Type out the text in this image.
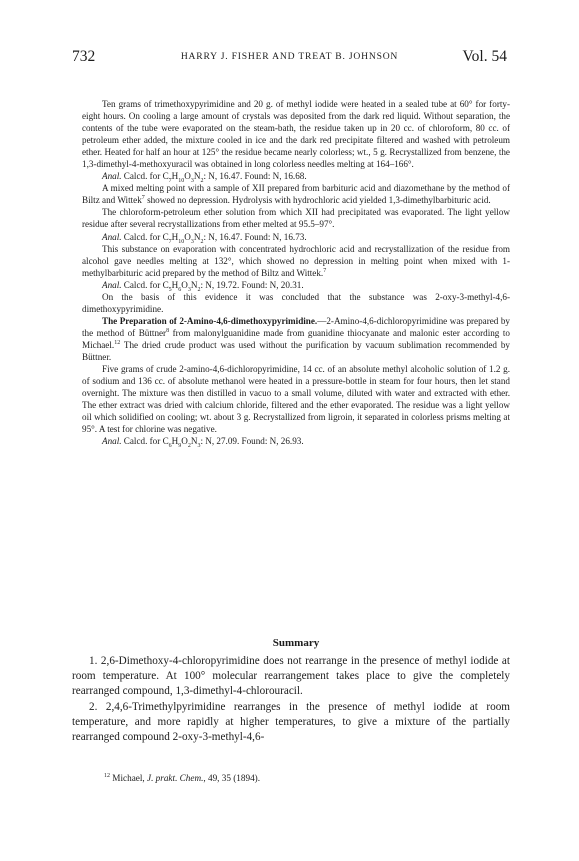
732	HARRY J. FISHER AND TREAT B. JOHNSON	Vol. 54

Ten grams of trimethoxypyrimidine and 20 g. of methyl iodide were heated in a sealed tube at 60° for forty-eight hours. On cooling a large amount of crystals was deposited from the dark red liquid. Without separation, the contents of the tube were evaporated on the steam-bath, the residue taken up in 20 cc. of chloroform, 80 cc. of petroleum ether added, the mixture cooled in ice and the dark red precipitate filtered and washed with petroleum ether. Heated for half an hour at 125° the residue became nearly colorless; wt., 5 g. Recrystallized from benzene, the 1,3-dimethyl-4-methoxyuracil was obtained in long colorless needles melting at 164–166°.

Anal. Calcd. for $C_7H_{10}O_3N_2$: N, 16.47. Found: N, 16.68.

A mixed melting point with a sample of XII prepared from barbituric acid and diazomethane by the method of Biltz and Wittek$^7$ showed no depression. Hydrolysis with hydrochloric acid yielded 1,3-dimethylbarbituric acid.

The chloroform-petroleum ether solution from which XII had precipitated was evaporated. The light yellow residue after several recrystallizations from ether melted at 95.5–97°.

Anal. Calcd. for $C_7H_{10}O_3N_2$: N, 16.47. Found: N, 16.73.

This substance on evaporation with concentrated hydrochloric acid and recrystallization of the residue from alcohol gave needles melting at 132°, which showed no depression in melting point when mixed with 1-methylbarbituric acid prepared by the method of Biltz and Wittek.$^7$

Anal. Calcd. for $C_5H_6O_3N_2$: N, 19.72. Found: N, 20.31.

On the basis of this evidence it was concluded that the substance was 2-oxy-3-methyl-4,6-dimethoxypyrimidine.

The Preparation of 2-Amino-4,6-dimethoxypyrimidine.—2-Amino-4,6-dichloropyrimidine was prepared by the method of Büttner$^8$ from malonylguanidine made from guanidine thiocyanate and malonic ester according to Michael.$^{12}$ The dried crude product was used without the purification by vacuum sublimation recommended by Büttner.

Five grams of crude 2-amino-4,6-dichloropyrimidine, 14 cc. of an absolute methyl alcoholic solution of 1.2 g. of sodium and 136 cc. of absolute methanol were heated in a pressure-bottle in steam for four hours, then let stand overnight. The mixture was then distilled in vacuo to a small volume, diluted with water and extracted with ether. The ether extract was dried with calcium chloride, filtered and the ether evaporated. The residue was a light yellow oil which solidified on cooling; wt. about 3 g. Recrystallized from ligroin, it separated in colorless prisms melting at 95°. A test for chlorine was negative.

Anal. Calcd. for $C_6H_9O_2N_3$: N, 27.09. Found: N, 26.93.

Summary

1. 2,6-Dimethoxy-4-chloropyrimidine does not rearrange in the presence of methyl iodide at room temperature. At 100° molecular rearrangement takes place to give the completely rearranged compound, 1,3-dimethyl-4-chlorouracil.

2. 2,4,6-Trimethylpyrimidine rearranges in the presence of methyl iodide at room temperature, and more rapidly at higher temperatures, to give a mixture of the partially rearranged compound 2-oxy-3-methyl-4,6-

$^{12}$ Michael, J. prakt. Chem., 49, 35 (1894).
